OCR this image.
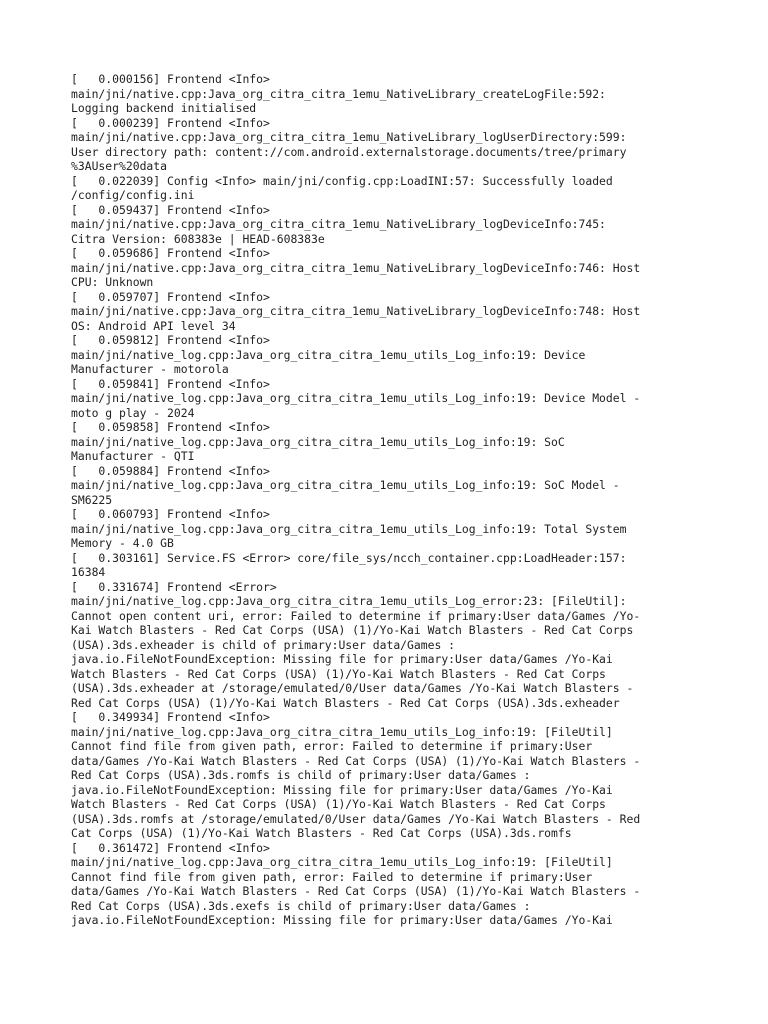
[   0.000156] Frontend <Info>
main/jni/native.cpp:Java_org_citra_citra_1emu_NativeLibrary_createLogFile:592:
Logging backend initialised
[   0.000239] Frontend <Info>
main/jni/native.cpp:Java_org_citra_citra_1emu_NativeLibrary_logUserDirectory:599:
User directory path: content://com.android.externalstorage.documents/tree/primary
%3AUser%20data
[   0.022039] Config <Info> main/jni/config.cpp:LoadINI:57: Successfully loaded
/config/config.ini
[   0.059437] Frontend <Info>
main/jni/native.cpp:Java_org_citra_citra_1emu_NativeLibrary_logDeviceInfo:745:
Citra Version: 608383e | HEAD-608383e
[   0.059686] Frontend <Info>
main/jni/native.cpp:Java_org_citra_citra_1emu_NativeLibrary_logDeviceInfo:746: Host
CPU: Unknown
[   0.059707] Frontend <Info>
main/jni/native.cpp:Java_org_citra_citra_1emu_NativeLibrary_logDeviceInfo:748: Host
OS: Android API level 34
[   0.059812] Frontend <Info>
main/jni/native_log.cpp:Java_org_citra_citra_1emu_utils_Log_info:19: Device
Manufacturer - motorola
[   0.059841] Frontend <Info>
main/jni/native_log.cpp:Java_org_citra_citra_1emu_utils_Log_info:19: Device Model -
moto g play - 2024
[   0.059858] Frontend <Info>
main/jni/native_log.cpp:Java_org_citra_citra_1emu_utils_Log_info:19: SoC
Manufacturer - QTI
[   0.059884] Frontend <Info>
main/jni/native_log.cpp:Java_org_citra_citra_1emu_utils_Log_info:19: SoC Model -
SM6225
[   0.060793] Frontend <Info>
main/jni/native_log.cpp:Java_org_citra_citra_1emu_utils_Log_info:19: Total System
Memory - 4.0 GB
[   0.303161] Service.FS <Error> core/file_sys/ncch_container.cpp:LoadHeader:157:
16384
[   0.331674] Frontend <Error>
main/jni/native_log.cpp:Java_org_citra_citra_1emu_utils_Log_error:23: [FileUtil]:
Cannot open content uri, error: Failed to determine if primary:User data/Games /Yo-
Kai Watch Blasters - Red Cat Corps (USA) (1)/Yo-Kai Watch Blasters - Red Cat Corps
(USA).3ds.exheader is child of primary:User data/Games :
java.io.FileNotFoundException: Missing file for primary:User data/Games /Yo-Kai
Watch Blasters - Red Cat Corps (USA) (1)/Yo-Kai Watch Blasters - Red Cat Corps
(USA).3ds.exheader at /storage/emulated/0/User data/Games /Yo-Kai Watch Blasters -
Red Cat Corps (USA) (1)/Yo-Kai Watch Blasters - Red Cat Corps (USA).3ds.exheader
[   0.349934] Frontend <Info>
main/jni/native_log.cpp:Java_org_citra_citra_1emu_utils_Log_info:19: [FileUtil]
Cannot find file from given path, error: Failed to determine if primary:User
data/Games /Yo-Kai Watch Blasters - Red Cat Corps (USA) (1)/Yo-Kai Watch Blasters -
Red Cat Corps (USA).3ds.romfs is child of primary:User data/Games :
java.io.FileNotFoundException: Missing file for primary:User data/Games /Yo-Kai
Watch Blasters - Red Cat Corps (USA) (1)/Yo-Kai Watch Blasters - Red Cat Corps
(USA).3ds.romfs at /storage/emulated/0/User data/Games /Yo-Kai Watch Blasters - Red
Cat Corps (USA) (1)/Yo-Kai Watch Blasters - Red Cat Corps (USA).3ds.romfs
[   0.361472] Frontend <Info>
main/jni/native_log.cpp:Java_org_citra_citra_1emu_utils_Log_info:19: [FileUtil]
Cannot find file from given path, error: Failed to determine if primary:User
data/Games /Yo-Kai Watch Blasters - Red Cat Corps (USA) (1)/Yo-Kai Watch Blasters -
Red Cat Corps (USA).3ds.exefs is child of primary:User data/Games :
java.io.FileNotFoundException: Missing file for primary:User data/Games /Yo-Kai
